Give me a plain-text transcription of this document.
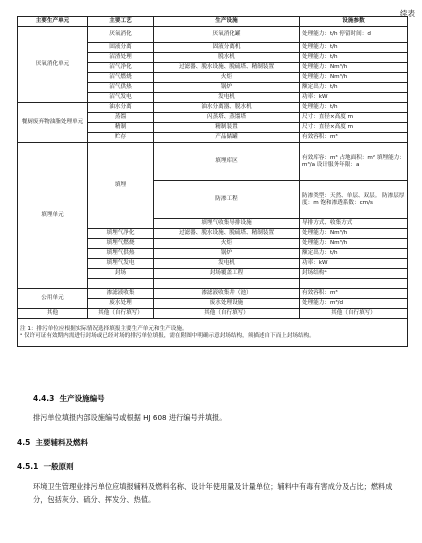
续表
主要生产单元	主要工艺	生产设施	设施参数
厌氧消化单元	厌氧消化	厌氧消化罐	处理能力：t/h 停留时间：d
	固液分离	固液分离机	处理能力：t/h
	沼渣处理	脱水机	处理能力：t/h
	沼气净化	过滤器、脱水设施、脱硫塔、精制装置	处理能力：Nm³/h
	沼气燃烧	火炬	处理能力：Nm³/h
	沼气供热	锅炉	额定出力：t/h
	沼气发电	发电机	功率：kW
餐厨废弃物油脂处理单元	油水分离	油水分离器、脱水机	处理能力：t/h
	蒸馏	闪蒸塔、蒸馏塔	尺寸：直径×高度 m
	精制	精制装置	尺寸：直径×高度 m
	贮存	产品储罐	有效容积：m³
填埋单元	填埋	填埋库区	有效库容：m³ 占地面积：m² 填埋能力：m³/a 设计服务年限：a
		防渗工程	防渗类型：天然、单层、双层。 防渗层厚度：m 饱和渗透系数：cm/s
		填埋气收集导排设施	导排方式、收集方式
	填埋气净化	过滤器、脱水设施、脱硫塔、精制装置	处理能力：Nm³/h
	填埋气燃烧	火炬	处理能力：Nm³/h
	填埋气供热	锅炉	额定出力：t/h
	填埋气发电	发电机	功率：kW
	封场	封场覆盖工程	封场结构ᵃ

公用单元	渗滤液收集	渗滤液收集井（池）	有效容积：m³
	废水处理	废水处理设施	处理能力：m³/d
其他	其他（自行填写）	其他（自行填写）	其他（自行填写）

注 1：排污单位应根据实际情况选择填报主要生产单元和生产设施。
ᵃ 仅许可证有效期内需进行封场或已经对场的排污单位填报，需在附图中明确示意封场结构，须描述自下而上封场结构。			
4.4.3 生产设施编号
排污单位填报内部设施编号或根据 HJ 608 进行编号并填报。
4.5 主要辅料及燃料
4.5.1 一般原则
环境卫生管理业排污单位应填报辅料及燃料名称、设计年使用量及计量单位；辅料中有毒有害成分及占比；燃料成分，包括灰分、硫分、挥发分、热值。
